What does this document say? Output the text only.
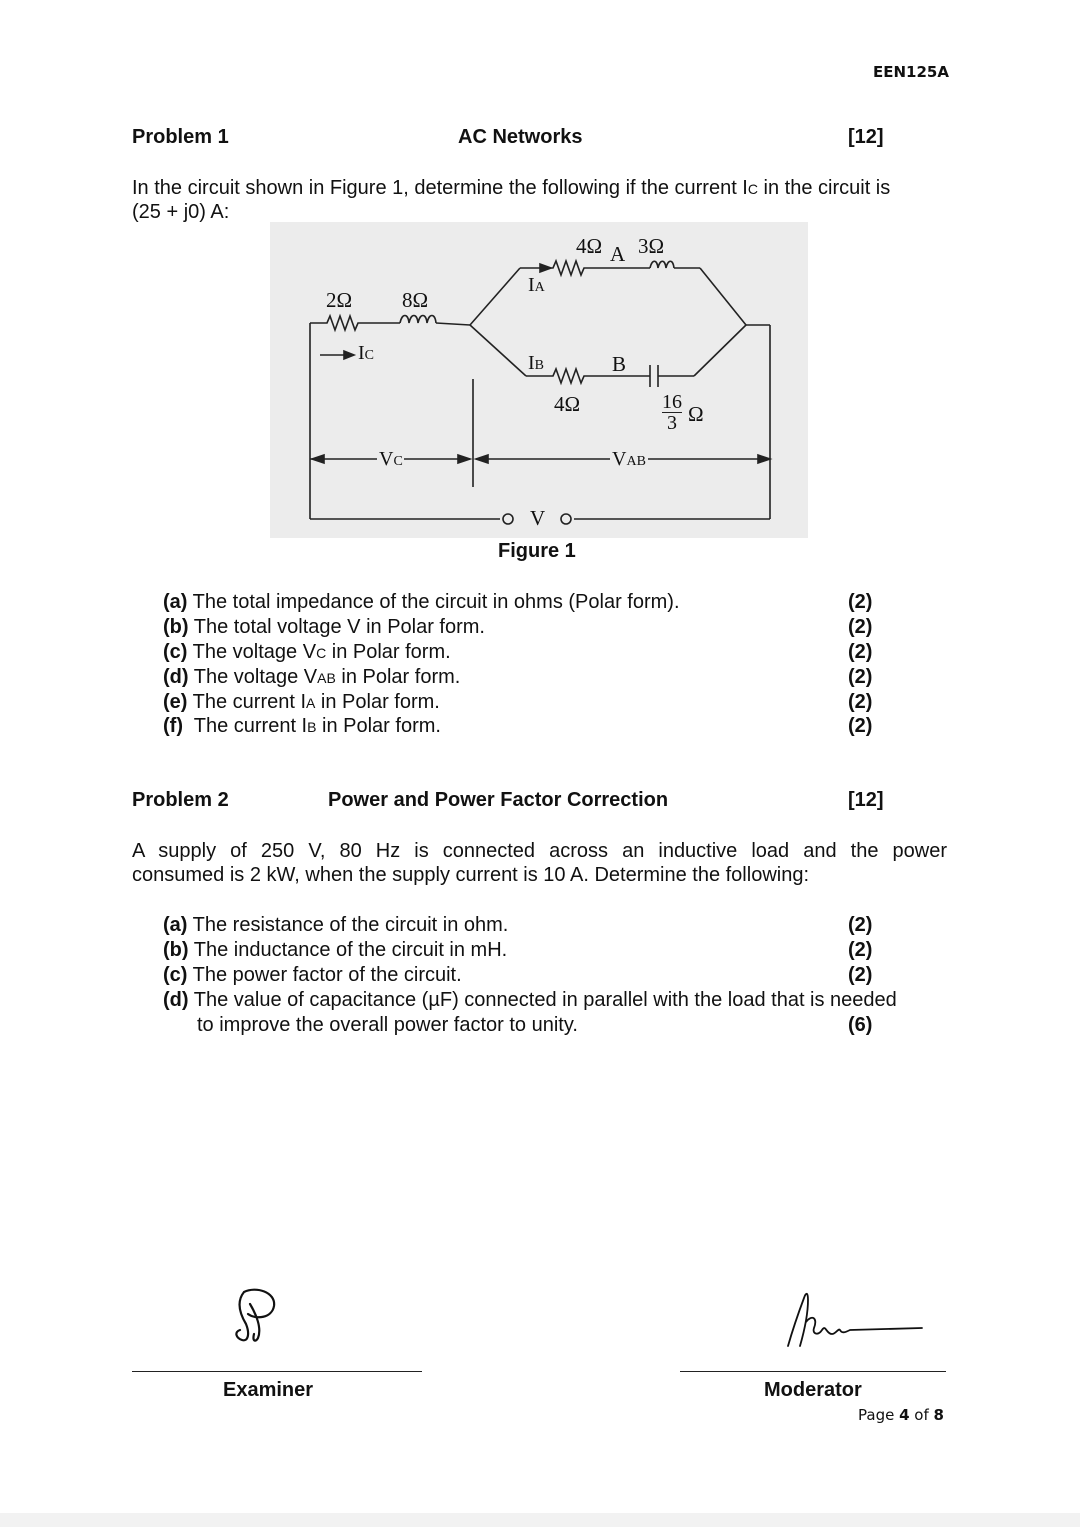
EEN125A
Problem 1	AC Networks	[12]
In the circuit shown in Figure 1, determine the following if the current IC in the circuit is
(25 + j0) A:
2Ω 8Ω
4Ω 3Ω
A
IA
IB	B
IC
4Ω	16
3 Ω
VC	VAB
V
Figure 1
(a) The total impedance of the circuit in ohms (Polar form).	(2)
(b) The total voltage V in Polar form.	(2)
(c) The voltage VC in Polar form.	(2)
(d) The voltage VAB in Polar form.	(2)
(e) The current IA in Polar form.	(2)
(f)  The current IB in Polar form.	(2)
Problem 2	Power and Power Factor Correction	[12]
A supply of 250 V, 80 Hz is connected across an inductive load and the power
consumed is 2 kW, when the supply current is 10 A. Determine the following:
(a) The resistance of the circuit in ohm.	(2)
(b) The inductance of the circuit in mH.	(2)
(c) The power factor of the circuit.	(2)
(d) The value of capacitance (µF) connected in parallel with the load that is needed
to improve the overall power factor to unity.	(6)
Examiner	Moderator
Page 4 of 8
